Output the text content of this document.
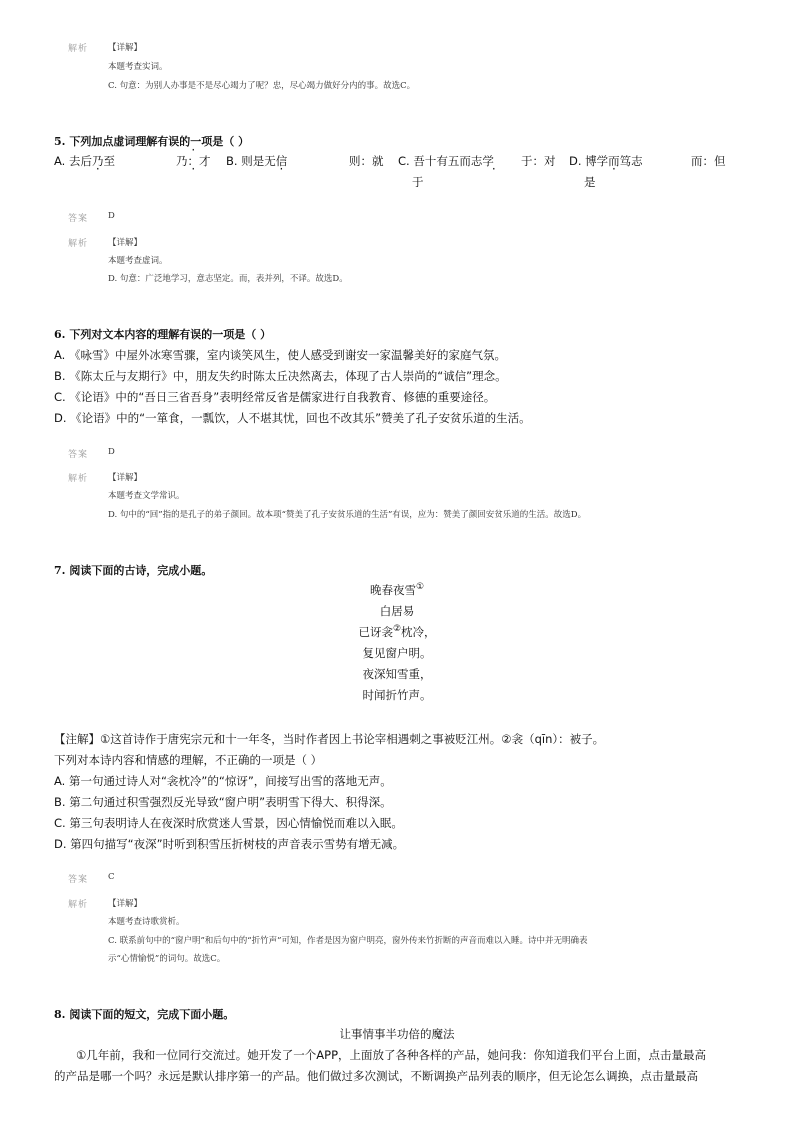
解析 【详解】
本题考查实词。
C. 句意：为别人办事是不是尽心竭力了呢？忠，尽心竭力做好分内的事。故选C。
5. 下列加点虚词理解有误的一项是（ ）
A. 去后乃至
·	乃：才 · B. 则是无信	则：就 C. 吾十有五而志学 于：对
于
D. 博学而笃志	而：但
是
答案 D
解析 【详解】
本题考查虚词。
D. 句意：广泛地学习，意志坚定。而，表并列，不译。故选D。
6. 下列对文本内容的理解有误的一项是（ ）
A. 《咏雪》中屋外冰寒雪骤，室内谈笑风生，使人感受到谢安一家温馨美好的家庭气氛。
B. 《陈太丘与友期行》中，朋友失约时陈太丘决然离去，体现了古人崇尚的“诚信”理念。
C. 《论语》中的“吾日三省吾身”表明经常反省是儒家进行自我教育、修德的重要途径。
D. 《论语》中的“一箪食，一瓢饮，人不堪其忧，回也不改其乐”赞美了孔子安贫乐道的生活。
答案 D
解析 【详解】
本题考查文学常识。
D. 句中的“回”指的是孔子的弟子颜回。故本项“赞美了孔子安贫乐道的生活”有误，应为：赞美了颜回安贫乐道的生活。故选D。
7. 阅读下面的古诗，完成小题。
晚春夜雪①
白居易
已讶衾②枕冷，
复见窗户明。
夜深知雪重，
时闻折竹声。
【注解】①这首诗作于唐宪宗元和十一年冬，当时作者因上书论宰相遇刺之事被贬江州。②衾（qīn）：被子。
下列对本诗内容和情感的理解，不正确的一项是（ ）
A. 第一句通过诗人对“衾枕冷”的“惊讶”，间接写出雪的落地无声。
B. 第二句通过积雪强烈反光导致“窗户明”表明雪下得大、积得深。
C. 第三句表明诗人在夜深时欣赏迷人雪景，因心情愉悦而难以入眠。
D. 第四句描写“夜深”时听到积雪压折树枝的声音表示雪势有增无减。
答案 C
解析 【详解】
本题考查诗歌赏析。
C. 联系前句中的“窗户明”和后句中的“折竹声”可知，作者是因为窗户明亮，窗外传来竹折断的声音而难以入睡。诗中并无明确表
示“心情愉悦”的词句。故选C。
8. 阅读下面的短文，完成下面小题。
让事情事半功倍的魔法
①几年前，我和一位同行交流过。她开发了一个APP，上面放了各种各样的产品，她问我：你知道我们平台上面，点击量最高
的产品是哪一个吗？永远是默认排序第一的产品。他们做过多次测试，不断调换产品列表的顺序，但无论怎么调换，点击量最高
